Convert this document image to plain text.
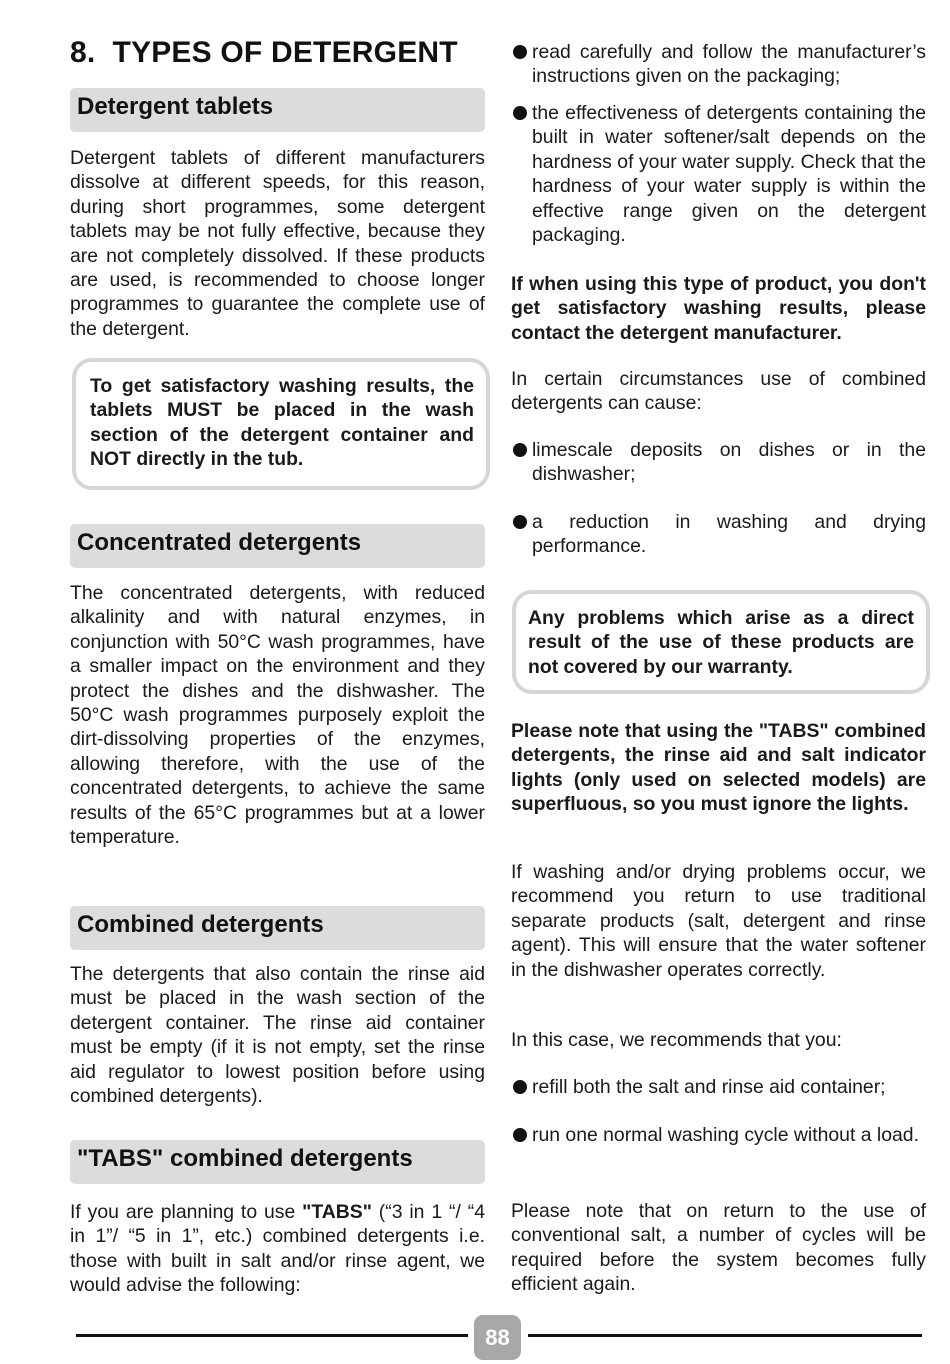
8.  TYPES OF DETERGENT
Detergent tablets

Detergent tablets of different manufacturers dissolve at different speeds, for this reason, during short programmes, some detergent tablets may be not fully effective, because they are not completely dissolved. If these products are used, is recommended to choose longer programmes to guarantee the complete use of the detergent.

To get satisfactory washing results, the tablets MUST be placed in the wash section of the detergent container and NOT directly in the tub.

Concentrated detergents

The concentrated detergents, with reduced alkalinity and with natural enzymes, in conjunction with 50°C wash programmes, have a smaller impact on the environment and they protect the dishes and the dishwasher. The 50°C wash programmes purposely exploit the dirt-dissolving properties of the enzymes, allowing therefore, with the use of the concentrated detergents, to achieve the same results of the 65°C programmes but at a lower temperature.

Combined detergents

The detergents that also contain the rinse aid must be placed in the wash section of the detergent container. The rinse aid container must be empty (if it is not empty, set the rinse aid regulator to lowest position before using combined detergents).

"TABS" combined detergents

If you are planning to use "TABS" (“3 in 1 “/ “4 in 1”/ “5 in 1”, etc.) combined detergents i.e. those with built in salt and/or rinse agent, we would advise the following:

read carefully and follow the manufacturer’s instructions given on the packaging;

the effectiveness of detergents containing the built in water softener/salt depends on the hardness of your water supply. Check that the hardness of your water supply is within the effective range given on the detergent packaging.

If when using this type of product, you don't get satisfactory washing results, please contact the detergent manufacturer.

In certain circumstances use of combined detergents can cause:

limescale deposits on dishes or in the dishwasher;

a reduction in washing and drying performance.

Any problems which arise as a direct result of the use of these products are not covered by our warranty.

Please note that using the "TABS" combined detergents, the rinse aid and salt indicator lights (only used on selected models) are superfluous, so you must ignore the lights.

If washing and/or drying problems occur, we recommend you return to use traditional separate products (salt, detergent and rinse agent). This will ensure that the water softener in the dishwasher operates correctly.

In this case, we recommends that you:

refill both the salt and rinse aid container;

run one normal washing cycle without a load.

Please note that on return to the use of conventional salt, a number of cycles will be required before the system becomes fully efficient again.

88
